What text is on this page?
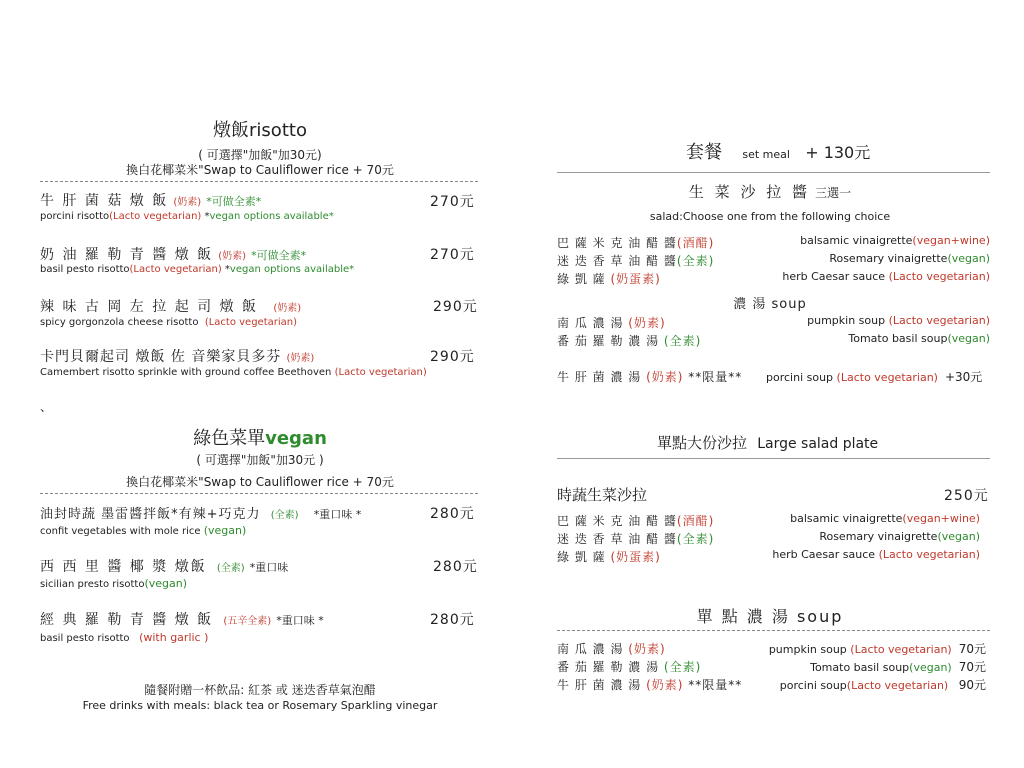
燉飯risotto
( 可選擇"加飯"加30元)
換白花椰菜米"Swap to Cauliflower rice + 70元
牛 肝 菌 菇 燉 飯 (奶素) *可做全素*	270元
porcini risotto(Lacto vegetarian) *vegan options available*
奶 油 羅 勒 青 醬 燉 飯 (奶素) *可做全素*	270元
basil pesto risotto(Lacto vegetarian) *vegan options available*
辣 味 古 岡 左 拉 起 司 燉 飯 (奶素)	290元
spicy gorgonzola cheese risotto (Lacto vegetarian)
卡門貝爾起司 燉飯 佐 音樂家貝多芬 (奶素)	290元
Camembert risotto sprinkle with ground coffee Beethoven (Lacto vegetarian)
、
綠色菜單vegan
( 可選擇"加飯"加30元 )
換白花椰菜米"Swap to Cauliflower rice + 70元
油封時蔬 墨雷醬拌飯*有辣+巧克力 (全素) *重口味 *	280元
confit vegetables with mole rice (vegan)
西 西 里 醬 椰 漿 燉飯 (全素) *重口味	280元
sicilian presto risotto(vegan)
經 典 羅 勒 青 醬 燉 飯 (五辛全素) *重口味 *	280元
basil pesto risotto (with garlic )
隨餐附贈一杯飲品: 紅茶 或 迷迭香草氣泡醋
Free drinks with meals: black tea or Rosemary Sparkling vinegar
套餐 set meal + 130元
生 菜 沙 拉 醬 三選一
salad:Choose one from the following choice
巴 薩 米 克 油 醋 醬(酒醋)	balsamic vinaigrette(vegan+wine)
迷 迭 香 草 油 醋 醬(全素)	Rosemary vinaigrette(vegan)
綠 凱 薩 (奶蛋素)	herb Caesar sauce (Lacto vegetarian)
濃 湯 soup
南 瓜 濃 湯 (奶素)	pumpkin soup (Lacto vegetarian)
番 茄 羅 勒 濃 湯 (全素)	Tomato basil soup(vegan)
牛 肝 菌 濃 湯 (奶素) **限量** porcini soup (Lacto vegetarian) +30元
單點大份沙拉 Large salad plate
時蔬生菜沙拉	250元
巴 薩 米 克 油 醋 醬(酒醋)	balsamic vinaigrette(vegan+wine)
迷 迭 香 草 油 醋 醬(全素)	Rosemary vinaigrette(vegan)
綠 凱 薩 (奶蛋素)	herb Caesar sauce (Lacto vegetarian)
單 點 濃 湯 soup
南 瓜 濃 湯 (奶素)	pumpkin soup (Lacto vegetarian) 70元
番 茄 羅 勒 濃 湯 (全素)	Tomato basil soup(vegan) 70元
牛 肝 菌 濃 湯 (奶素) **限量**	porcini soup(Lacto vegetarian) 90元
